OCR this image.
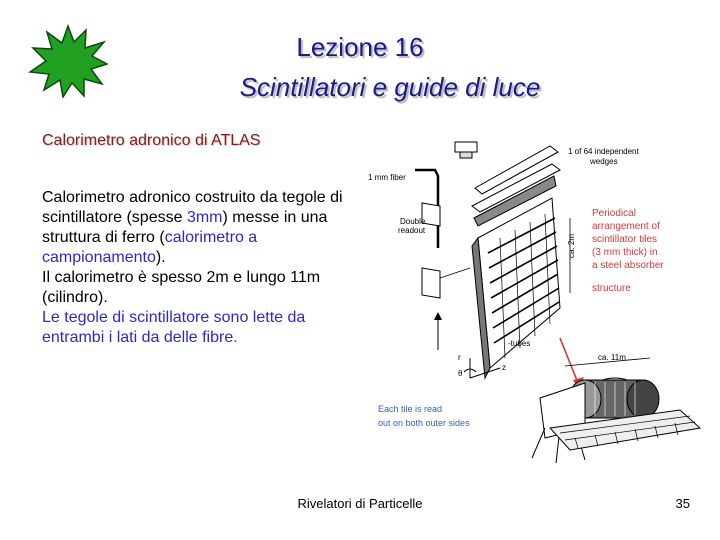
Lezione 16
Scintillatori e guide di luce
Calorimetro adronico di ATLAS

Calorimetro adronico costruito da tegole di scintillatore (spesse 3mm) messe in una struttura di ferro (calorimetro a campionamento).

Il calorimetro è spesso 2m e lungo 11m (cilindro).

Le tegole di scintillatore sono lette da entrambi i lati da delle fibre.

1 of 64 independent
wedges
1 mm fiber
Double
readout
ca. 2m
Periodical
arrangement of
scintillator tiles
(3 mm thick) in
a steel absorber
structure
-tubes
ca. 11m
r
θ
z
Each tile is read
out on both outer sides
Rivelatori di Particelle	35
